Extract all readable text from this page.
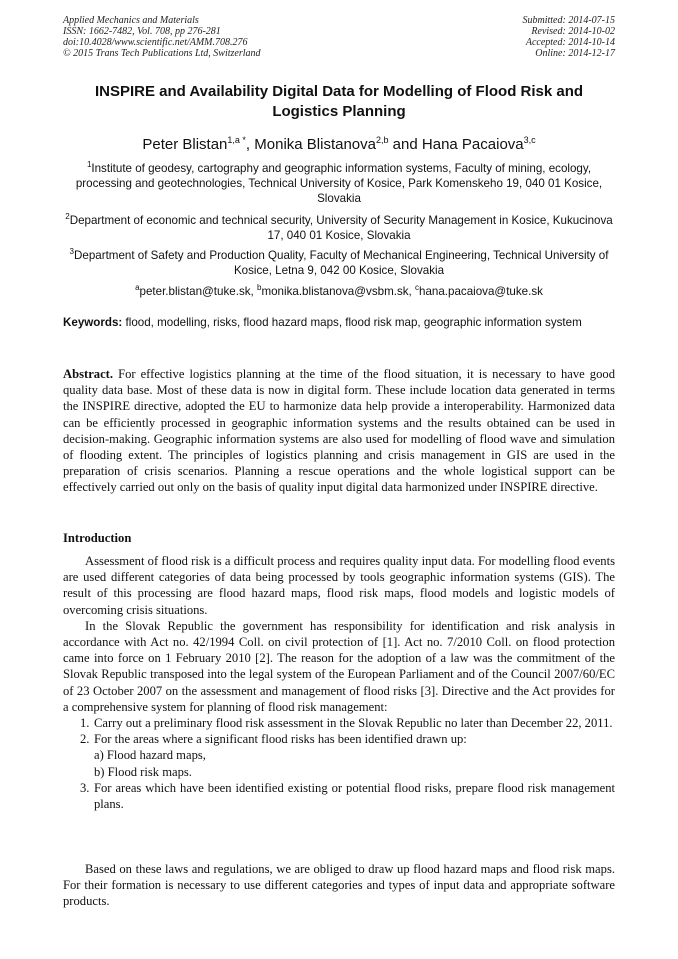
Applied Mechanics and Materials
ISSN: 1662-7482, Vol. 708, pp 276-281
doi:10.4028/www.scientific.net/AMM.708.276
© 2015 Trans Tech Publications Ltd, Switzerland
Submitted: 2014-07-15
Revised: 2014-10-02
Accepted: 2014-10-14
Online: 2014-12-17
INSPIRE and Availability Digital Data for Modelling of Flood Risk and Logistics Planning
Peter Blistan$^{1,a *}$, Monika Blistanova$^{2,b}$ and Hana Pacaiova$^{3,c}$
$^1$Institute of geodesy, cartography and geographic information systems, Faculty of mining, ecology, processing and geotechnologies, Technical University of Kosice, Park Komenskeho 19, 040 01 Kosice, Slovakia
$^2$Department of economic and technical security, University of Security Management in Kosice, Kukucinova 17, 040 01 Kosice, Slovakia
$^3$Department of Safety and Production Quality, Faculty of Mechanical Engineering, Technical University of Kosice, Letna 9, 042 00 Kosice, Slovakia
$^a$peter.blistan@tuke.sk, $^b$monika.blistanova@vsbm.sk, $^c$hana.pacaiova@tuke.sk
Keywords: flood, modelling, risks, flood hazard maps, flood risk map, geographic information system
Abstract. For effective logistics planning at the time of the flood situation, it is necessary to have good quality data base. Most of these data is now in digital form. These include location data generated in terms the INSPIRE directive, adopted the EU to harmonize data help provide a interoperability. Harmonized data can be efficiently processed in geographic information systems and the results obtained can be used in decision-making. Geographic information systems are also used for modelling of flood wave and simulation of flooding extent. The principles of logistics planning and crisis management in GIS are used in the preparation of crisis scenarios. Planning a rescue operations and the whole logistical support can be effectively carried out only on the basis of quality input digital data harmonized under INSPIRE directive.
Introduction

Assessment of flood risk is a difficult process and requires quality input data. For modelling flood events are used different categories of data being processed by tools geographic information systems (GIS). The result of this processing are flood hazard maps, flood risk maps, flood models and logistic models of overcoming crisis situations.

In the Slovak Republic the government has responsibility for identification and risk analysis in accordance with Act no. 42/1994 Coll. on civil protection of [1]. Act no. 7/2010 Coll. on flood protection came into force on 1 February 2010 [2]. The reason for the adoption of a law was the commitment of the Slovak Republic transposed into the legal system of the European Parliament and of the Council 2007/60/EC of 23 October 2007 on the assessment and management of flood risks [3]. Directive and the Act provides for a comprehensive system for planning of flood risk management:

1. Carry out a preliminary flood risk assessment in the Slovak Republic no later than December 22, 2011.
2. For the areas where a significant flood risks has been identified drawn up:
a) Flood hazard maps,
b) Flood risk maps.
3. For areas which have been identified existing or potential flood risks, prepare flood risk management plans.

Based on these laws and regulations, we are obliged to draw up flood hazard maps and flood risk maps. For their formation is necessary to use different categories and types of input data and appropriate software products.
